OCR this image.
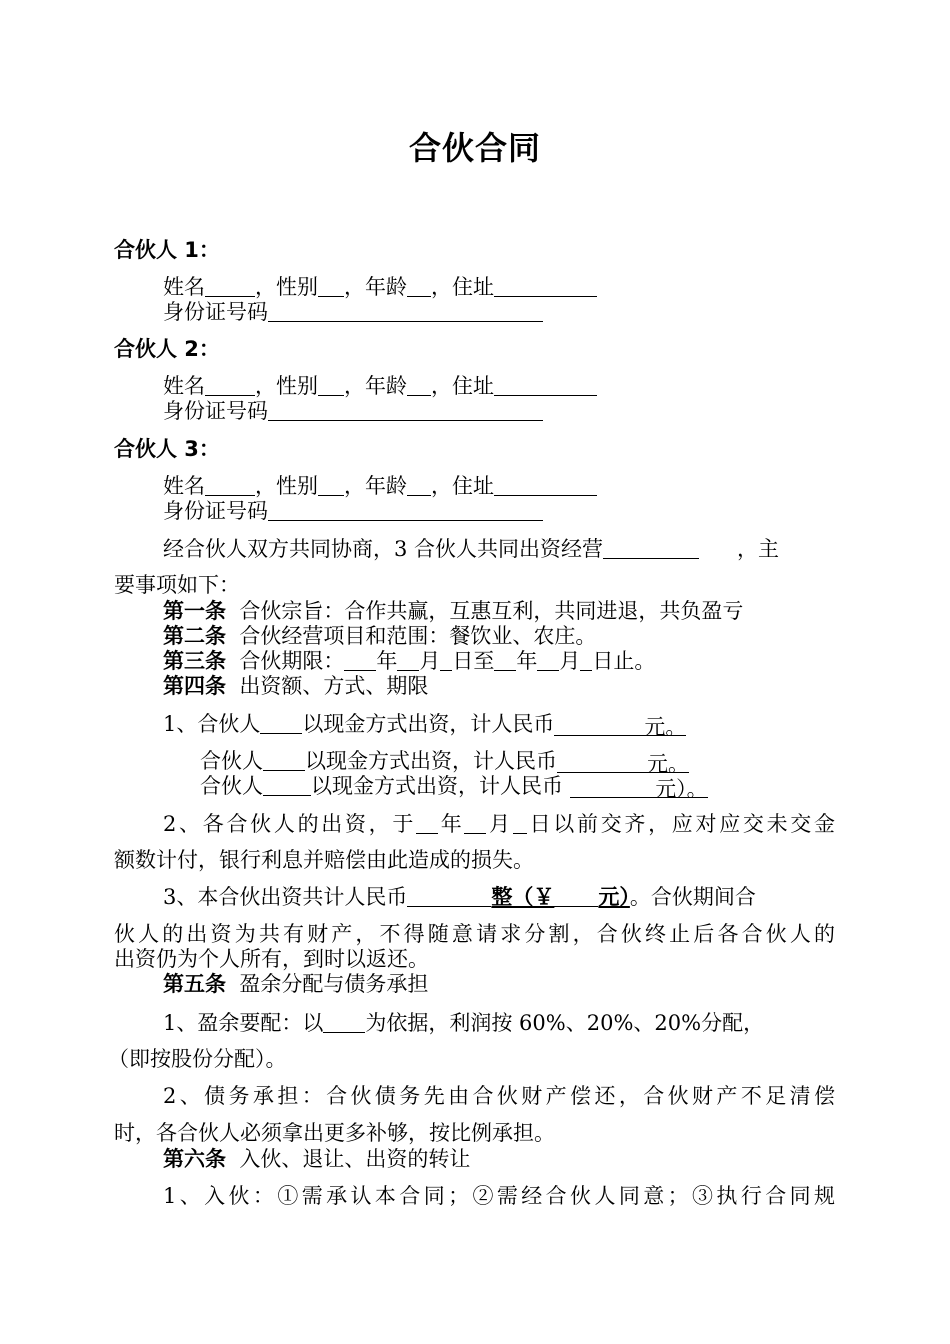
合伙合同
合伙人 1：
姓名 ，性别 ，年龄 ，住址
身份证号码
合伙人 2：
姓名 ，性别 ，年龄 ，住址
身份证号码
合伙人 3：
姓名 ，性别 ，年龄 ，住址
身份证号码
经合伙人双方共同协商，3 合伙人共同出资经营	，主
要事项如下：
第一条 合伙宗旨：合作共赢，互惠互利，共同进退，共负盈亏
第二条 合伙经营项目和范围：餐饮业、农庄。
第三条 合伙期限： 年 月 日至 年 月 日止。
第四条 出资额、方式、期限
1、合伙人 以现金方式出资，计人民币	元。
合伙人 以现金方式出资，计人民币	元。
合伙人 以现金方式出资，计人民币	元）。
2、各合伙人的出资，于 年 月 日以前交齐，应对应交未交金
额数计付，银行利息并赔偿由此造成的损失。
3、本合伙出资共计人民币	整（￥ 元）。合伙期间合
伙人的出资为共有财产，不得随意请求分割，合伙终止后各合伙人的
出资仍为个人所有，到时以返还。
第五条 盈余分配与债务承担
1、盈余要配：以 为依据，利润按 60%、20%、20%分配，
（即按股份分配）。
2、债务承担：合伙债务先由合伙财产偿还，合伙财产不足清偿
时，各合伙人必须拿出更多补够，按比例承担。
第六条 入伙、退让、出资的转让
1、入伙：①需承认本合同；②需经合伙人同意；③执行合同规
